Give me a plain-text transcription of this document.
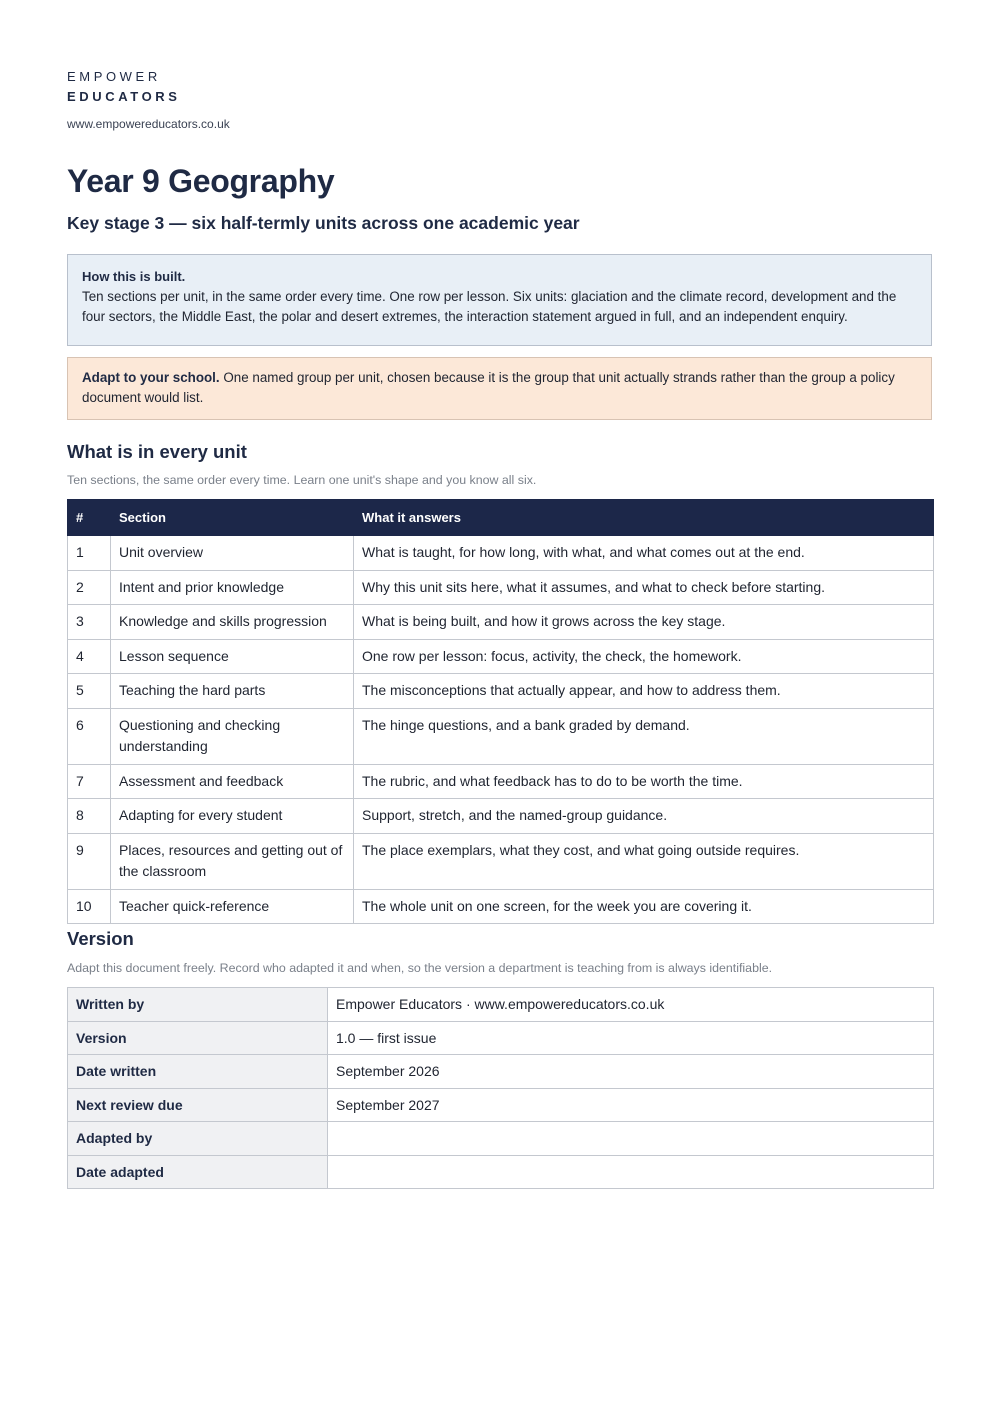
EMPOWER
EDUCATORS
www.empowereducators.co.uk
Year 9 Geography
Key stage 3 — six half-termly units across one academic year
How this is built.
Ten sections per unit, in the same order every time. One row per lesson. Six units: glaciation and the climate record, development and the four sectors, the Middle East, the polar and desert extremes, the interaction statement argued in full, and an independent enquiry.
Adapt to your school. One named group per unit, chosen because it is the group that unit actually strands rather than the group a policy document would list.
What is in every unit
Ten sections, the same order every time. Learn one unit's shape and you know all six.
#	Section	What it answers
1	Unit overview	What is taught, for how long, with what, and what comes out at the end.
2	Intent and prior knowledge	Why this unit sits here, what it assumes, and what to check before starting.
3	Knowledge and skills progression	What is being built, and how it grows across the key stage.
4	Lesson sequence	One row per lesson: focus, activity, the check, the homework.
5	Teaching the hard parts	The misconceptions that actually appear, and how to address them.
6	Questioning and checking understanding	The hinge questions, and a bank graded by demand.
7	Assessment and feedback	The rubric, and what feedback has to do to be worth the time.
8	Adapting for every student	Support, stretch, and the named-group guidance.
9	Places, resources and getting out of the classroom	The place exemplars, what they cost, and what going outside requires.
10	Teacher quick-reference	The whole unit on one screen, for the week you are covering it.
Version
Adapt this document freely. Record who adapted it and when, so the version a department is teaching from is always identifiable.
Written by	Empower Educators · www.empowereducators.co.uk
Version	1.0 — first issue
Date written	September 2026
Next review due	September 2027
Adapted by	
Date adapted	
